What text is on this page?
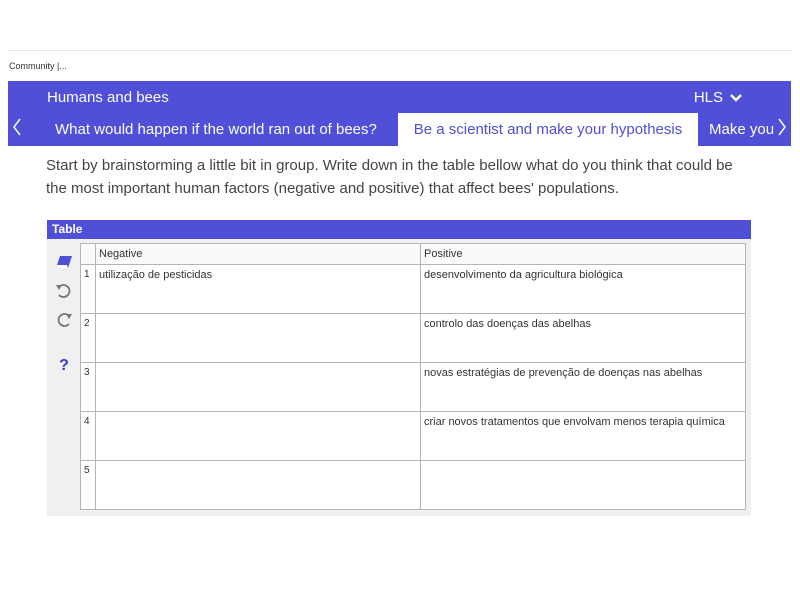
Community |...
Humans and bees	HLS
What would happen if the world ran out of bees?	Be a scientist and make your hypothesis	Make you
Start by brainstorming a little bit in group. Write down in the table bellow what do you think that could be the most important human factors (negative and positive) that affect bees' populations.
Table
?

	Negative	Positive

1	utilização de pesticidas	desenvolvimento da agricultura biológica

2		controlo das doenças das abelhas

3		novas estratégias de prevenção de doenças nas abelhas

4		criar novos tratamentos que envolvam menos terapia química

5		
